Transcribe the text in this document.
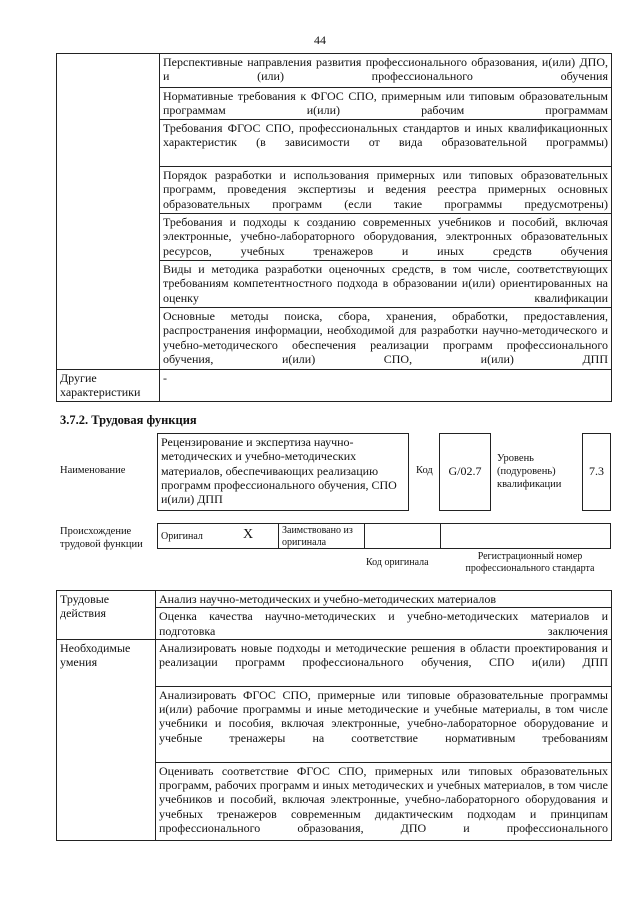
44
	Перспективные направления развития профессионального образования, и(или) ДПО, и (или) профессионального обучения
	Нормативные требования к ФГОС СПО, примерным или типовым образовательным программам и(или) рабочим программам
	Требования ФГОС СПО, профессиональных стандартов и иных квалификационных характеристик (в зависимости от вида образовательной программы)
	Порядок разработки и использования примерных или типовых образовательных программ, проведения экспертизы и ведения реестра примерных основных образовательных программ (если такие программы предусмотрены)
	Требования и подходы к созданию современных учебников и пособий, включая электронные, учебно-лабораторного оборудования, электронных образовательных ресурсов, учебных тренажеров и иных средств обучения
	Виды и методика разработки оценочных средств, в том числе, соответствующих требованиям компетентностного подхода в образовании и(или) ориентированных на оценку квалификации
	Основные методы поиска, сбора, хранения, обработки, предоставления, распространения информации, необходимой для разработки научно-методического и учебно-методического обеспечения реализации программ профессионального обучения, и(или) СПО, и(или) ДПП
Другие характеристики	-
3.7.2. Трудовая функция
Наименование
Рецензирование и экспертиза научно-методических и учебно-методических материалов, обеспечивающих реализацию программ профессионального обучения, СПО и(или) ДПП
Код	G/02.7
Уровень (подуровень) квалификации
7.3
Происхождение трудовой функции
Оригинал	X	Заимствовано из оригинала
Код оригинала
Регистрационный номер профессионального стандарта
Трудовые действия	Анализ научно-методических и учебно-методических материалов
	Оценка качества научно-методических и учебно-методических материалов и подготовка заключения
Необходимые умения	Анализировать новые подходы и методические решения в области проектирования и реализации программ профессионального обучения, СПО и(или) ДПП
	Анализировать ФГОС СПО, примерные или типовые образовательные программы и(или) рабочие программы и иные методические и учебные материалы, в том числе учебники и пособия, включая электронные, учебно-лабораторное оборудование и учебные тренажеры на соответствие нормативным требованиям
	Оценивать соответствие ФГОС СПО, примерных или типовых образовательных программ, рабочих программ и иных методических и учебных материалов, в том числе учебников и пособий, включая электронные, учебно-лабораторного оборудования и учебных тренажеров современным дидактическим подходам и принципам профессионального образования, ДПО и профессионального
